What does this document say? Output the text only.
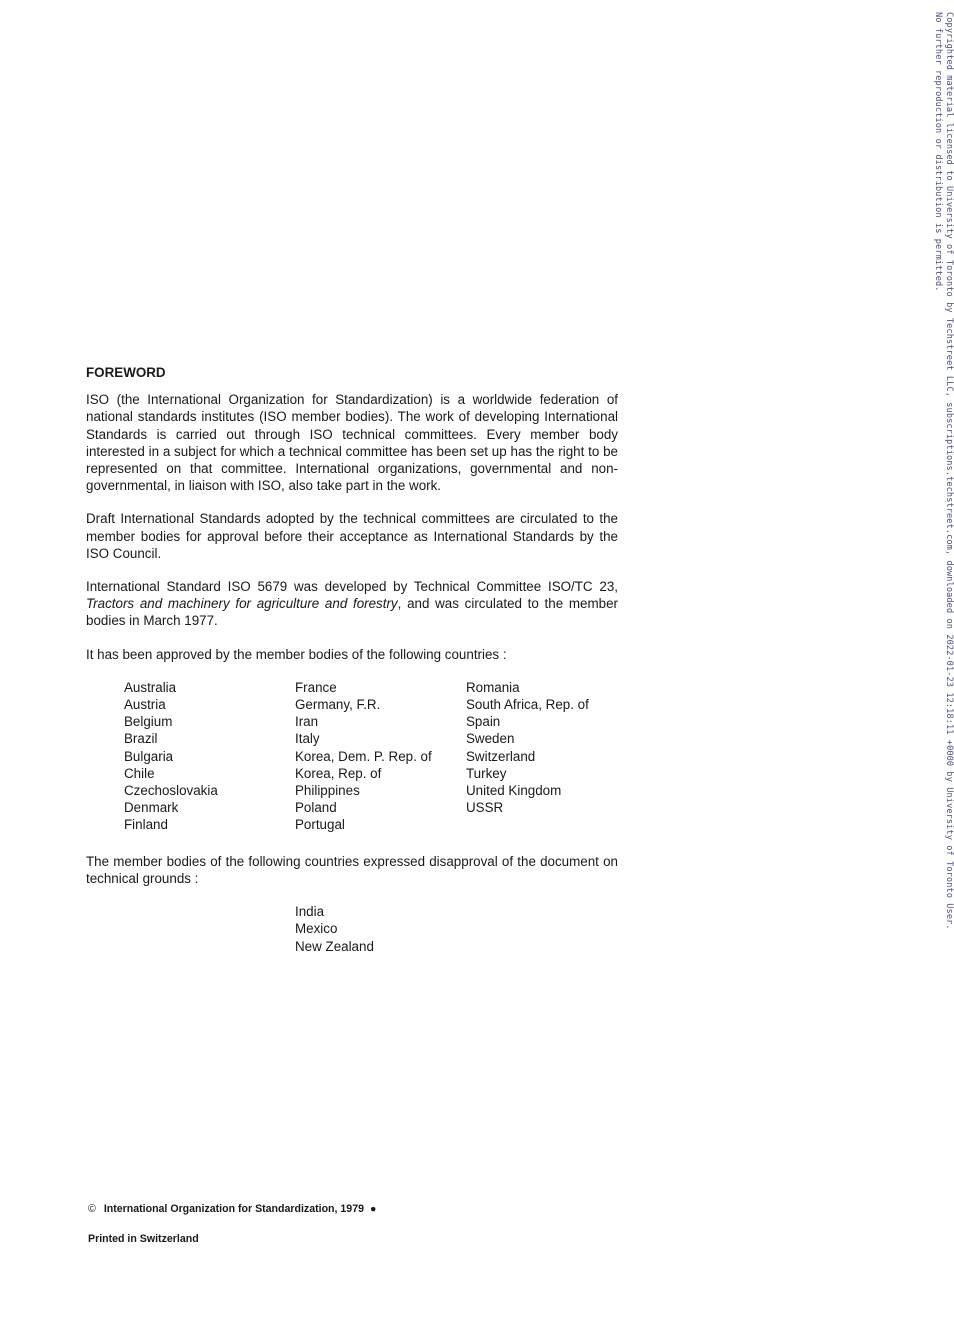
Copyrighted material licensed to University of Toronto by Techstreet LLC, subscriptions.techstreet.com, downloaded on 2022-01-23 12:18:11 +0000 by University of Toronto User.
No further reproduction or distribution is permitted.
FOREWORD

ISO (the International Organization for Standardization) is a worldwide federation of national standards institutes (ISO member bodies). The work of developing International Standards is carried out through ISO technical committees. Every member body interested in a subject for which a technical committee has been set up has the right to be represented on that committee. International organizations, governmental and non-governmental, in liaison with ISO, also take part in the work.

Draft International Standards adopted by the technical committees are circulated to the member bodies for approval before their acceptance as International Standards by the ISO Council.

International Standard ISO 5679 was developed by Technical Committee ISO/TC 23, Tractors and machinery for agriculture and forestry, and was circulated to the member bodies in March 1977.

It has been approved by the member bodies of the following countries :

Australia
Austria
Belgium
Brazil
Bulgaria
Chile
Czechoslovakia
Denmark
Finland
France
Germany, F.R.
Iran
Italy
Korea, Dem. P. Rep. of
Korea, Rep. of
Philippines
Poland
Portugal
Romania
South Africa, Rep. of
Spain
Sweden
Switzerland
Turkey
United Kingdom
USSR

The member bodies of the following countries expressed disapproval of the document on technical grounds :

India
Mexico
New Zealand
© International Organization for Standardization, 1979 ●
Printed in Switzerland
